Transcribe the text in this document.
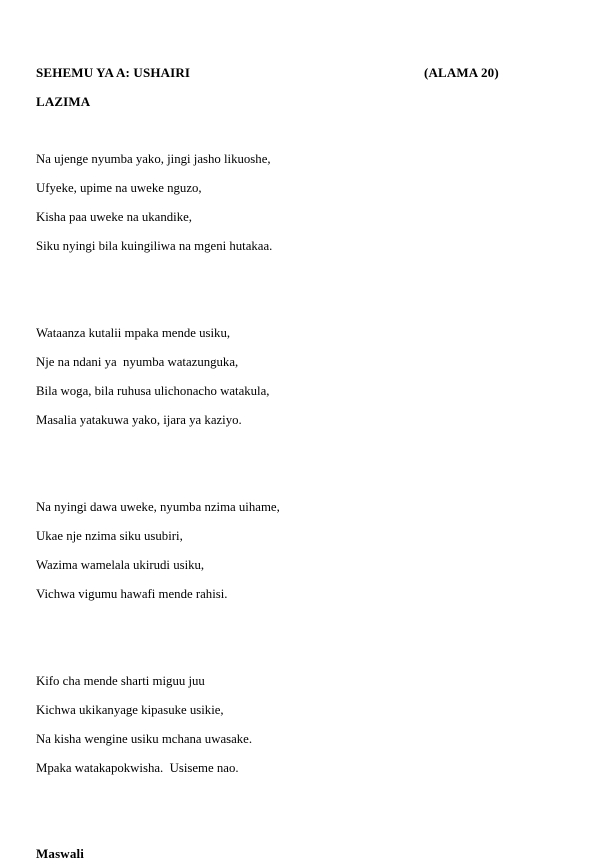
SEHEMU YA A: USHAIRI	(ALAMA 20)
LAZIMA
Na ujenge nyumba yako, jingi jasho likuoshe,
Ufyeke, upime na uweke nguzo,
Kisha paa uweke na ukandike,
Siku nyingi bila kuingiliwa na mgeni hutakaa.
Wataanza kutalii mpaka mende usiku,
Nje na ndani ya  nyumba watazunguka,
Bila woga, bila ruhusa ulichonacho watakula,
Masalia yatakuwa yako, ijara ya kaziyo.
Na nyingi dawa uweke, nyumba nzima uihame,
Ukae nje nzima siku usubiri,
Wazima wamelala ukirudi usiku,
Vichwa vigumu hawafi mende rahisi.
Kifo cha mende sharti miguu juu
Kichwa ukikanyage kipasuke usikie,
Na kisha wengine usiku mchana uwasake.
Mpaka watakapokwisha.  Usiseme nao.
Maswali
